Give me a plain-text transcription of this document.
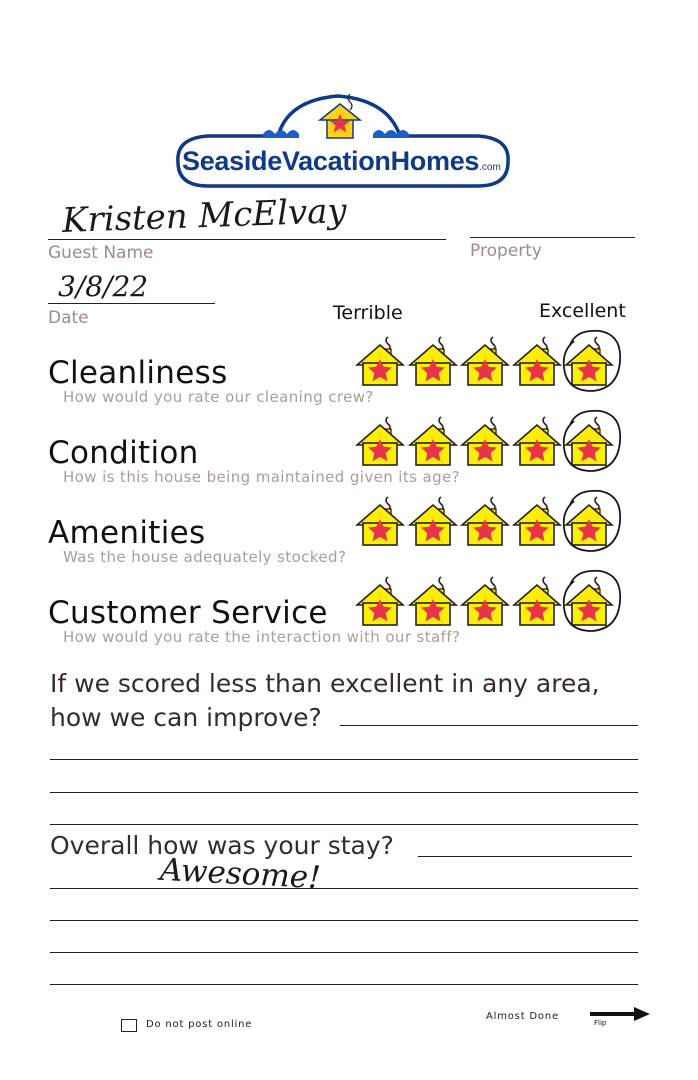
SeasideVacationHomes.com
Kristen McElvay
Guest Name	Property
3/8/22
Date	Terrible	Excellent
Cleanliness
How would you rate our cleaning crew?
Condition
How is this house being maintained given its age?
Amenities
Was the house adequately stocked?
Customer Service
How would you rate the interaction with our staff?
If we scored less than excellent in any area,
how we can improve?
Overall how was your stay?
Awesome!
Do not post online
Almost Done
Flip
